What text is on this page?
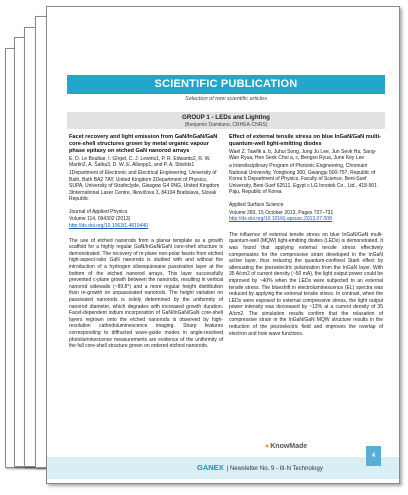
SCIENTIFIC PUBLICATION
Selection of new scientific articles
GROUP 1 - LEDs and Lighting
(Benjamin Damilano, CRHEA-CNRS)
Facet recovery and light emission from GaN/InGaN/GaN core-shell structures grown by metal organic vapour phase epitaxy on etched GaN nanorod arrays
E. D. Le Boulbar, I. Gîrgel, C. J. Lewins1, P. R. Edwards2, R. W. Martin2, A. Šatka3, D. W. E. Allsopp1, and P. A. Shields1
1Department of Electronic and Electrical Engineering, University of Bath, Bath BA2 7AY, United Kingdom 2Department of Physics, SUPA, University of Strathclyde, Glasgow G4 0NG, United Kingdom 3International Laser Centre, Ilkovičova 3, 84104 Bratislava, Slovak Republic
Journal of Applied Physics
Volume 114, 094302 (2013)
http://dx.doi.org/10.1063/1.4819440
The use of etched nanorods from a planar template as a growth scaffold for a highly regular GaN/InGaN/GaN core-shell structure is demonstrated. The recovery of m-plane non-polar facets from etched high-aspect-ratio GaN nanorods is studied with and without the introduction of a hydrogen silsesquioxane passivation layer at the bottom of the etched nanorod arrays. This layer successfully prevented c-plane growth between the nanorods, resulting in vertical nanorod sidewalls (~89.8°) and a more regular height distribution than re-growth on unpassivated nanorods. The height variation on passivated nanorods is solely determined by the uniformity of nanorod diameter, which degrades with increased growth duration. Facet-dependent indium incorporation of GaN/InGaN/GaN core-shell layers regrown onto the etched nanorods is observed by high-resolution cathodoluminescence imaging. Sharp features corresponding to diffracted wave-guide modes in angle-resolved photoluminescence measurements are evidence of the uniformity of the full core-shell structure grown on ordered etched nanorods.
Effect of external tensile stress on blue InGaN/GaN multi-quantum-well light-emitting diodes
Wael Z. Tawfik a, b, Juhui Song, Jung Ju Lee, Jun Seok Ha, Sang-Wan Ryua, Hee Seok Choi a, c, Bengso Ryua, June Key Lee
a Interdisciplinary Program of Photonic Engineering, Chonnam National University, Yongbong 300, Gwangju 500-757, Republic of Korea b Department of Physics, Faculty of Science, Beni-Suef University, Beni-Suef 62511, Egypt c LG Innotek Co., Ltd., 418-901 Paju, Republic of Korea
Applied Surface Science
Volume 283, 15 October 2013, Pages 727–731
http://dx.doi.org/10.1016/j.apsusc.2013.07.008
The influence of external tensile stress on blue InGaN/GaN multi-quantum-well (MQW) light-emitting diodes (LEDs) is demonstrated. It was found that applying external tensile stress effectively compensates for the compressive strain developed in the InGaN active layer, thus reducing the quantum-confined Stark effect by attenuating the piezoelectric polarization from the InGaN layer. With 35 A/cm2 of current density (~50 mA), the light output power could be improved by ~40% when the LEDs were subjected to an external tensile stress. The blueshift in electroluminescence (EL) spectra was reduced by applying the external tensile stress. In contrast, when the LEDs were exposed to external compressive stress, the light output power intensity was decreased by ~12% at a current density of 35 A/cm2. The simulation results confirm that the relaxation of compressive strain in the InGaN/GaN MQW structure results in the reduction of the piezoelectric field and improves the overlap of electron and hole wave functions.
●KnowMade
GANEX | Newsletter No. 9 - III-N Technology
4
